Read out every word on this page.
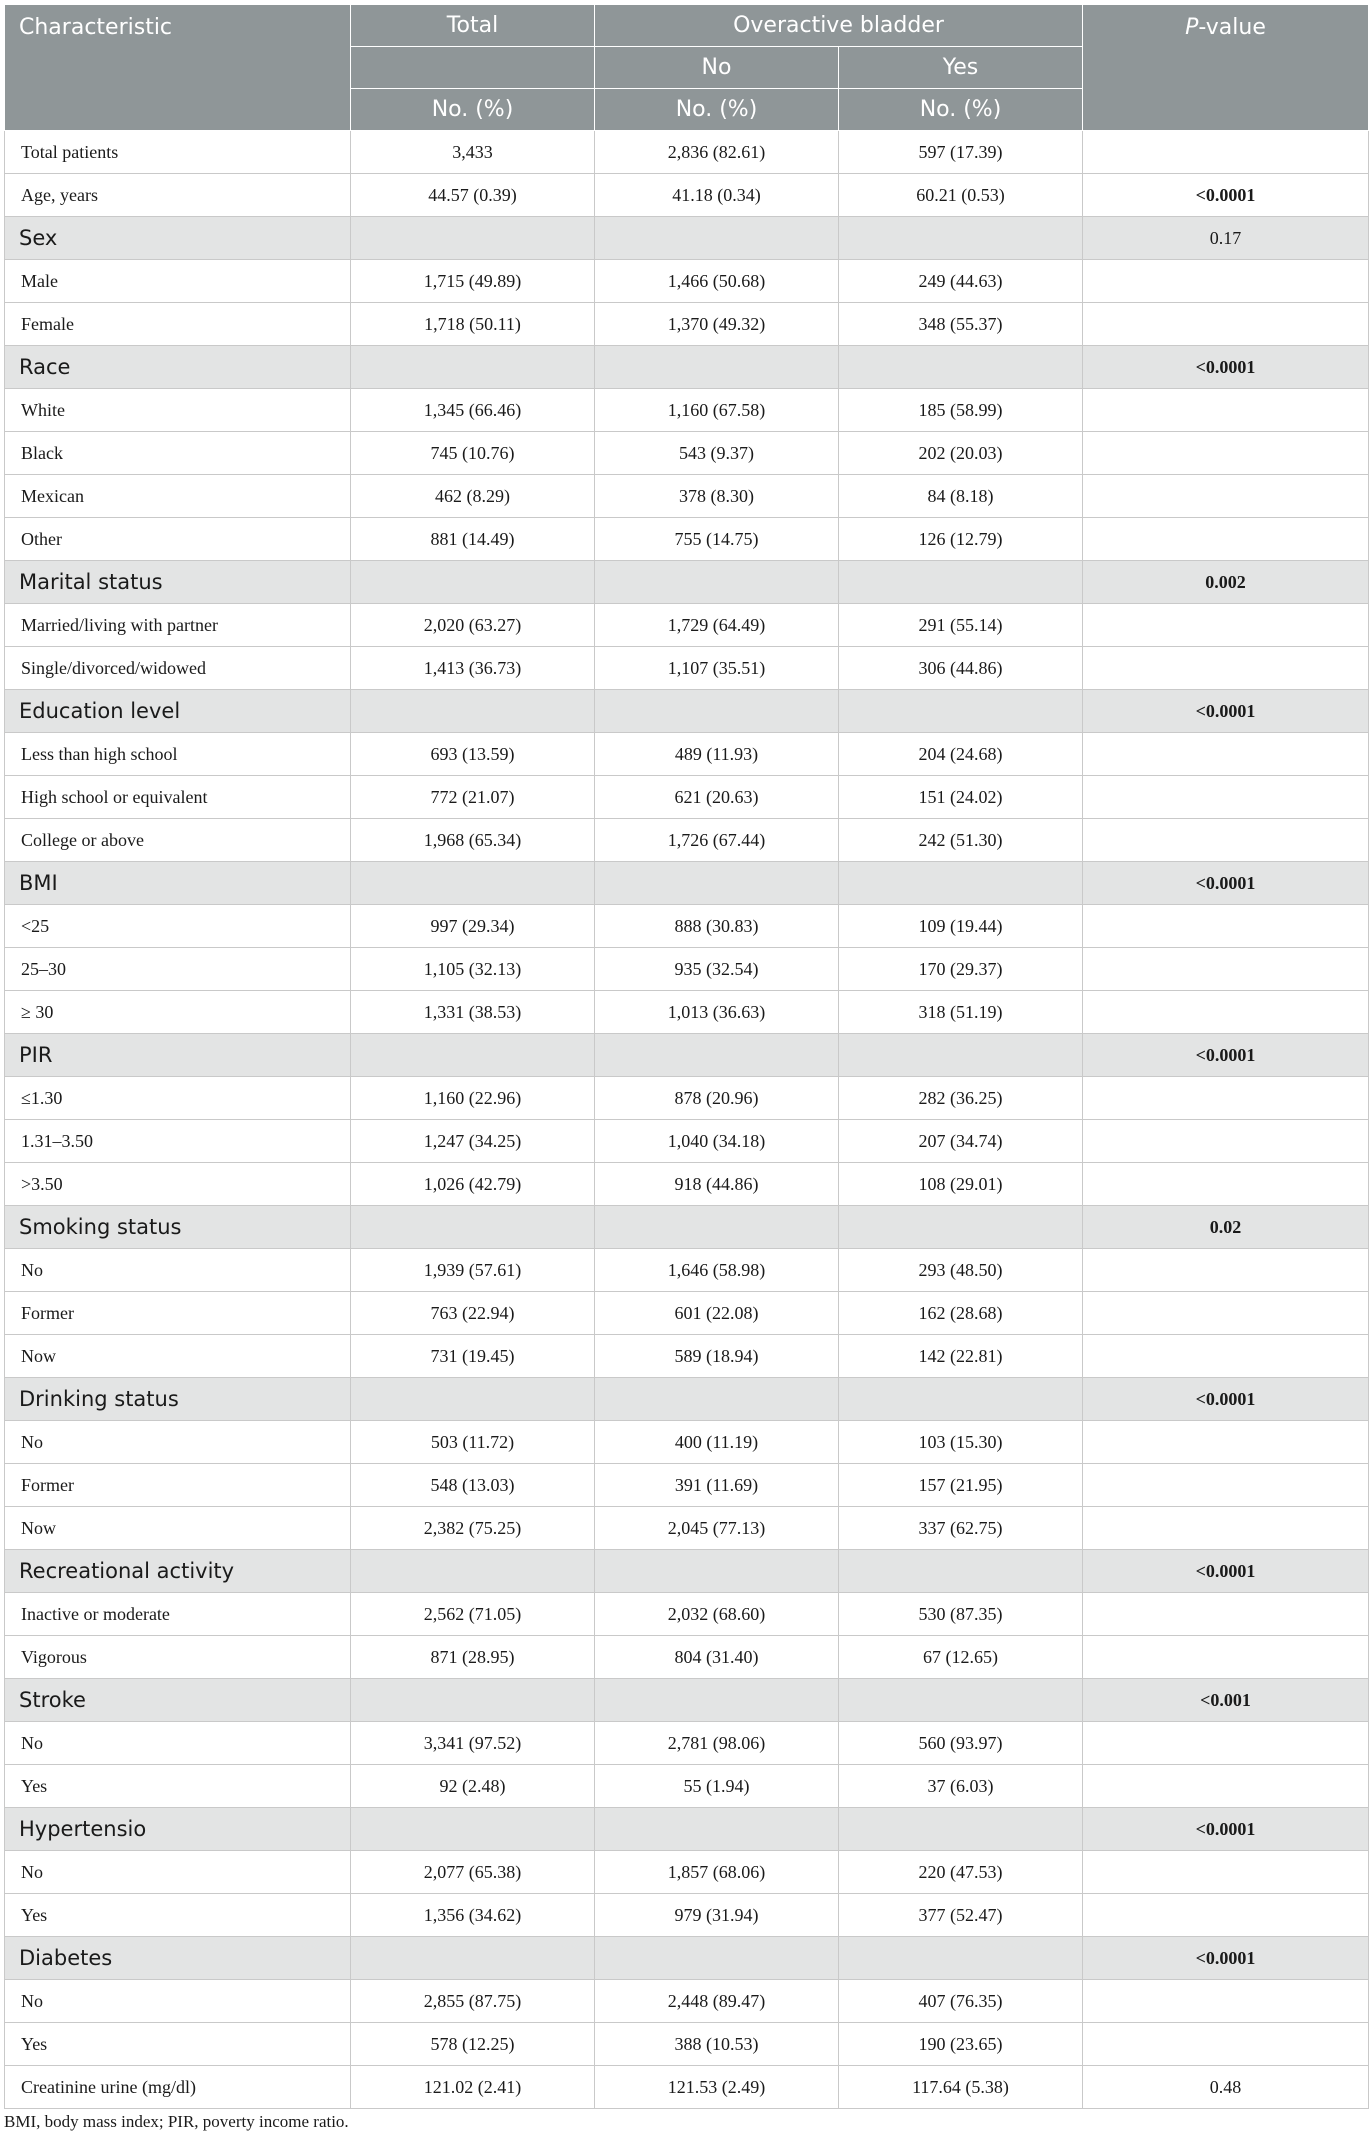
Characteristic	Total	Overactive bladder		P-value
		No	Yes	
	No. (%)	No. (%)	No. (%)	
Total patients	3,433	2,836 (82.61)	597 (17.39)	
Age, years	44.57 (0.39)	41.18 (0.34)	60.21 (0.53)	<0.0001
Sex				0.17
Male	1,715 (49.89)	1,466 (50.68)	249 (44.63)	
Female	1,718 (50.11)	1,370 (49.32)	348 (55.37)	
Race				<0.0001
White	1,345 (66.46)	1,160 (67.58)	185 (58.99)	
Black	745 (10.76)	543 (9.37)	202 (20.03)	
Mexican	462 (8.29)	378 (8.30)	84 (8.18)	
Other	881 (14.49)	755 (14.75)	126 (12.79)	
Marital status				0.002
Married/living with partner	2,020 (63.27)	1,729 (64.49)	291 (55.14)	
Single/divorced/widowed	1,413 (36.73)	1,107 (35.51)	306 (44.86)	
Education level				<0.0001
Less than high school	693 (13.59)	489 (11.93)	204 (24.68)	
High school or equivalent	772 (21.07)	621 (20.63)	151 (24.02)	
College or above	1,968 (65.34)	1,726 (67.44)	242 (51.30)	
BMI				<0.0001
<25	997 (29.34)	888 (30.83)	109 (19.44)	
25–30	1,105 (32.13)	935 (32.54)	170 (29.37)	
≥ 30	1,331 (38.53)	1,013 (36.63)	318 (51.19)	
PIR				<0.0001
≤1.30	1,160 (22.96)	878 (20.96)	282 (36.25)	
1.31–3.50	1,247 (34.25)	1,040 (34.18)	207 (34.74)	
>3.50	1,026 (42.79)	918 (44.86)	108 (29.01)	
Smoking status				0.02
No	1,939 (57.61)	1,646 (58.98)	293 (48.50)	
Former	763 (22.94)	601 (22.08)	162 (28.68)	
Now	731 (19.45)	589 (18.94)	142 (22.81)	
Drinking status				<0.0001
No	503 (11.72)	400 (11.19)	103 (15.30)	
Former	548 (13.03)	391 (11.69)	157 (21.95)	
Now	2,382 (75.25)	2,045 (77.13)	337 (62.75)	
Recreational activity				<0.0001
Inactive or moderate	2,562 (71.05)	2,032 (68.60)	530 (87.35)	
Vigorous	871 (28.95)	804 (31.40)	67 (12.65)	
Stroke				<0.001
No	3,341 (97.52)	2,781 (98.06)	560 (93.97)	
Yes	92 (2.48)	55 (1.94)	37 (6.03)	
Hypertensio				<0.0001
No	2,077 (65.38)	1,857 (68.06)	220 (47.53)	
Yes	1,356 (34.62)	979 (31.94)	377 (52.47)	
Diabetes				<0.0001
No	2,855 (87.75)	2,448 (89.47)	407 (76.35)	
Yes	578 (12.25)	388 (10.53)	190 (23.65)	
Creatinine urine (mg/dl)	121.02 (2.41)	121.53 (2.49)	117.64 (5.38)	0.48
BMI, body mass index; PIR, poverty income ratio.
